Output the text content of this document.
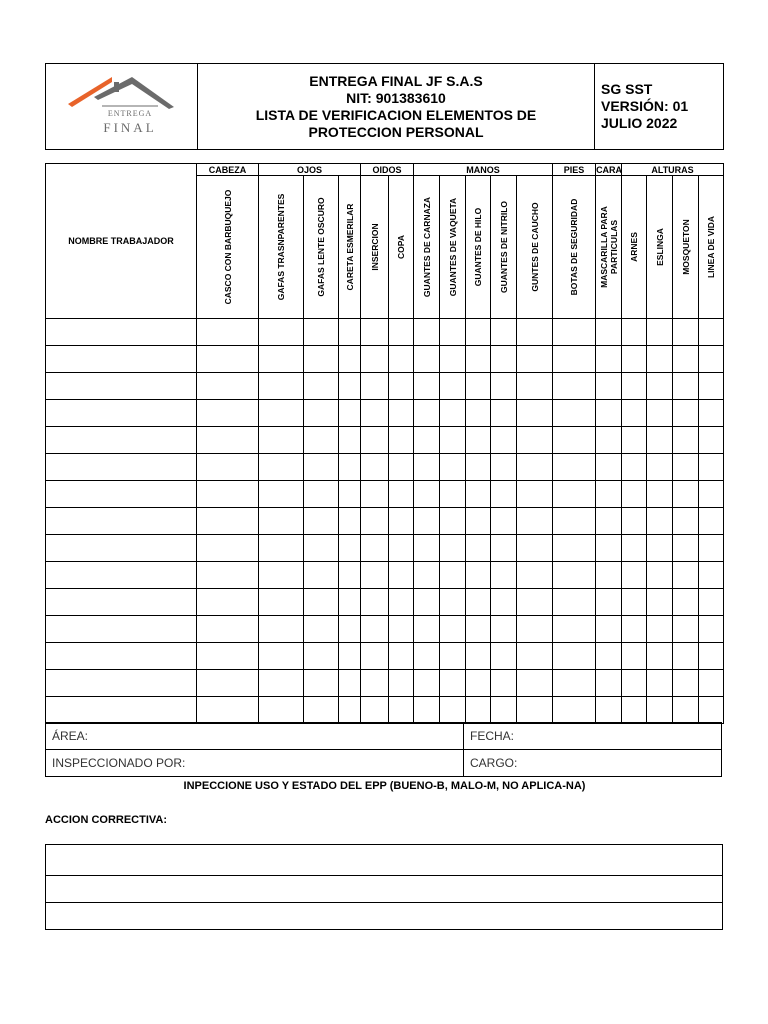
ENTREGA
FINAL

ENTREGA FINAL JF S.A.S
NIT: 901383610
LISTA DE VERIFICACION ELEMENTOS DE
PROTECCION PERSONAL

SG SST
VERSIÓN: 01
JULIO 2022
NOMBRE TRABAJADOR	CABEZA	OJOS			OIDOS		MANOS					PIES	CARA	ALTURAS			

	CASCO CON BARBUQUEJO	GAFAS TRASNPARENTES	GAFAS LENTE OSCURO	CARETA ESMERILAR	INSERCION	COPA	GUANTES DE CARNAZA	GUANTES DE VAQUETA	GUANTES DE HILO	GUANTES DE NITRILO	GUNTES DE CAUCHO	BOTAS DE SEGURIDAD	MASCARILLA PARA PARTICULAS	ARNES	ESLINGA	MOSQUETON	LINEA DE VIDA

ÁREA:	FECHA:
INSPECCIONADO POR:	CARGO:
INPECCIONE USO Y ESTADO DEL EPP (BUENO-B, MALO-M, NO APLICA-NA)
ACCION CORRECTIVA:
